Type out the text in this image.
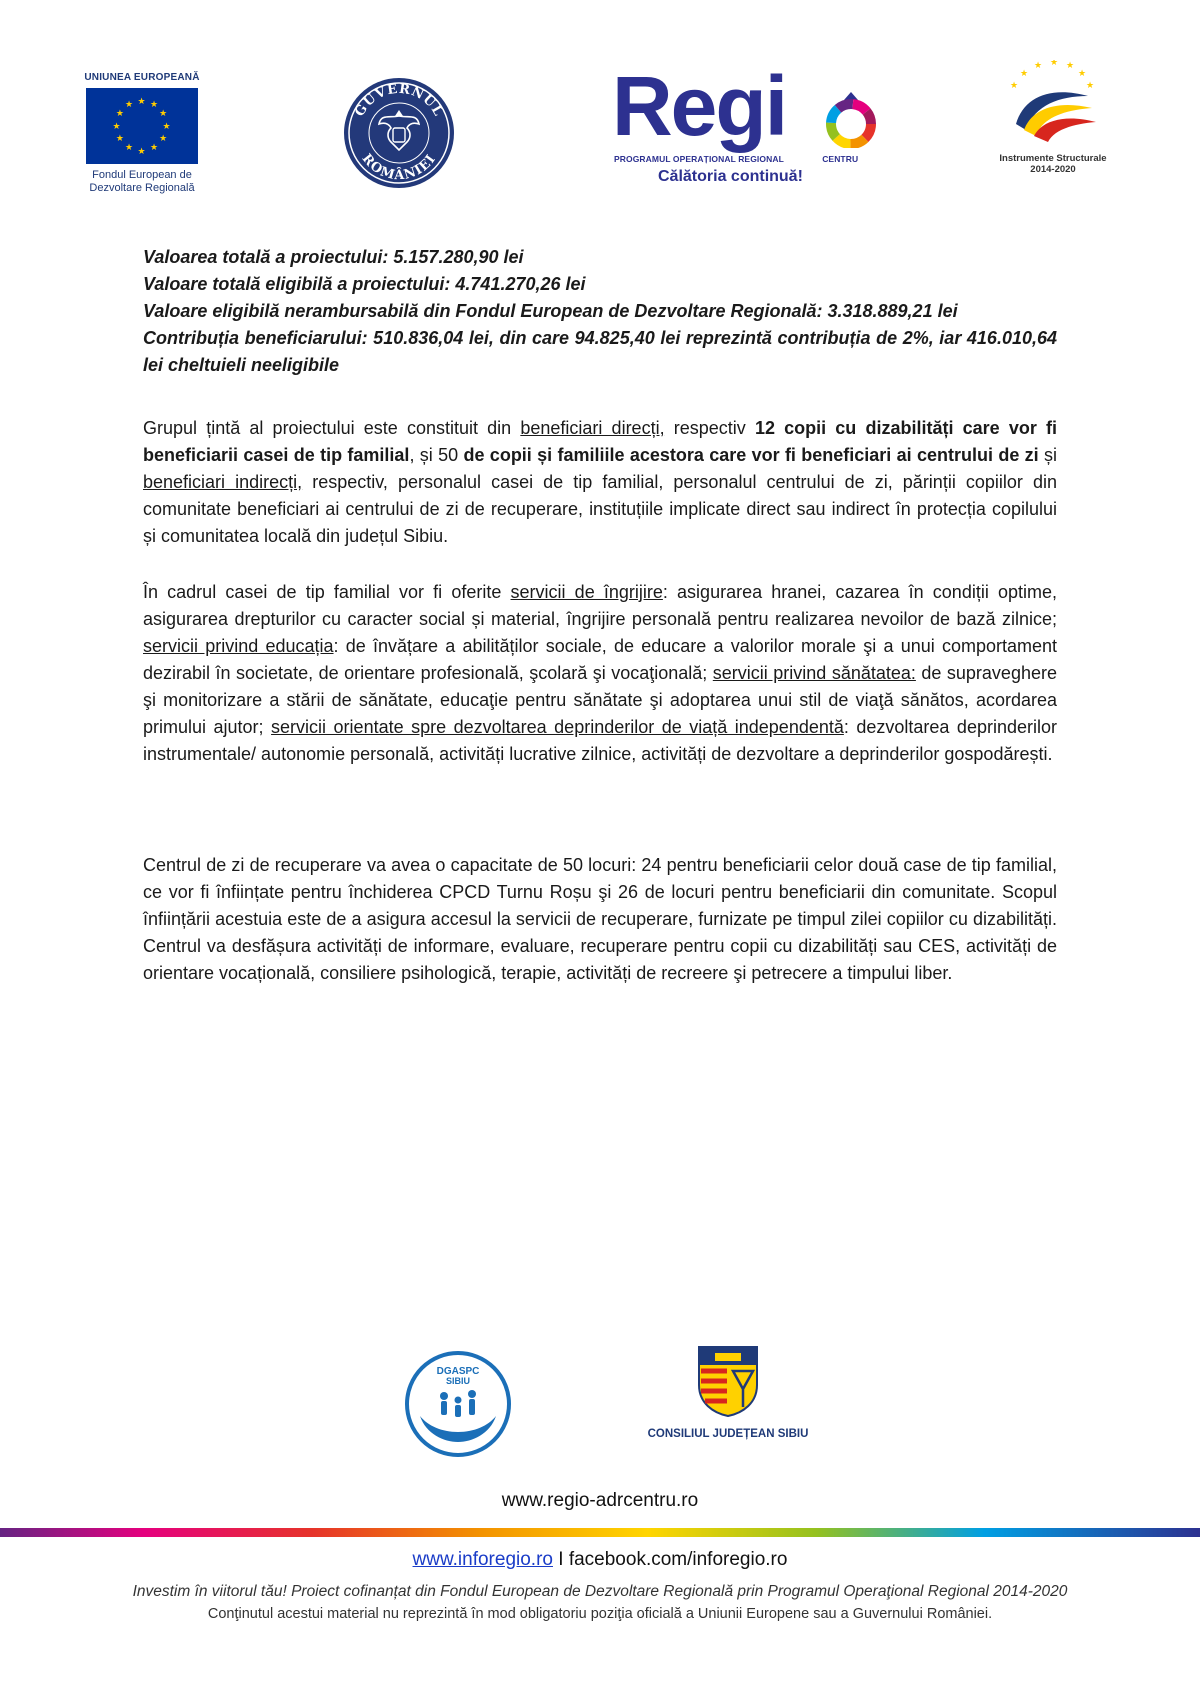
UNIUNEA EUROPEANĂ
★ ★
★
★
★
★
★
★
★
★
★
★
Fondul European de
Dezvoltare Regională
GUVERNUL
ROMÂNIEI
Regi
PROGRAMUL OPERAȚIONAL REGIONAL	CENTRU
Călătoria continuă!
★
★ ★ ★
★
★
★
Instrumente Structurale
2014-2020

Valoarea totală a proiectului: 5.157.280,90 lei

Valoare totală eligibilă a proiectului: 4.741.270,26 lei

Valoare eligibilă nerambursabilă din Fondul European de Dezvoltare Regională: 3.318.889,21 lei

Contribuția beneficiarului: 510.836,04 lei, din care 94.825,40 lei reprezintă contribuția de 2%, iar 416.010,64 lei cheltuieli neeligibile

Grupul țintă al proiectului este constituit din beneficiari direcți, respectiv 12 copii cu dizabilități care vor fi beneficiarii casei de tip familial, și 50 de copii și familiile acestora care vor fi beneficiari ai centrului de zi și beneficiari indirecți, respectiv, personalul casei de tip familial, personalul centrului de zi, părinții copiilor din comunitate beneficiari ai centrului de zi de recuperare, instituțiile implicate direct sau indirect în protecția copilului și comunitatea locală din județul Sibiu.

În cadrul casei de tip familial vor fi oferite servicii de îngrijire: asigurarea hranei, cazarea în condiții optime, asigurarea drepturilor cu caracter social și material, îngrijire personală pentru realizarea nevoilor de bază zilnice; servicii privind educația: de învățare a abilităților sociale, de educare a valorilor morale şi a unui comportament dezirabil în societate, de orientare profesională, şcolară şi vocaţională; servicii privind sănătatea: de supraveghere şi monitorizare a stării de sănătate, educaţie pentru sănătate şi adoptarea unui stil de viaţă sănătos, acordarea primului ajutor; servicii orientate spre dezvoltarea deprinderilor de viață independentă: dezvoltarea deprinderilor instrumentale/ autonomie personală, activități lucrative zilnice, activități de dezvoltare a deprinderilor gospodărești.

Centrul de zi de recuperare va avea o capacitate de 50 locuri: 24 pentru beneficiarii celor două case de tip familial, ce vor fi înființate pentru închiderea CPCD Turnu Roșu şi 26 de locuri pentru beneficiarii din comunitate. Scopul înființării acestuia este de a asigura accesul la servicii de recuperare, furnizate pe timpul zilei copiilor cu dizabilități. Centrul va desfășura activități de informare, evaluare, recuperare pentru copii cu dizabilități sau CES, activități de orientare vocațională, consiliere psihologică, terapie, activități de recreere şi petrecere a timpului liber.

DGASPC
SIBIU
CONSILIUL JUDEȚEAN SIBIU
www.regio-adrcentru.ro
www.inforegio.ro I facebook.com/inforegio.ro
Investim în viitorul tău! Proiect cofinanțat din Fondul European de Dezvoltare Regională prin Programul Operaţional Regional 2014-2020
Conţinutul acestui material nu reprezintă în mod obligatoriu poziţia oficială a Uniunii Europene sau a Guvernului României.
